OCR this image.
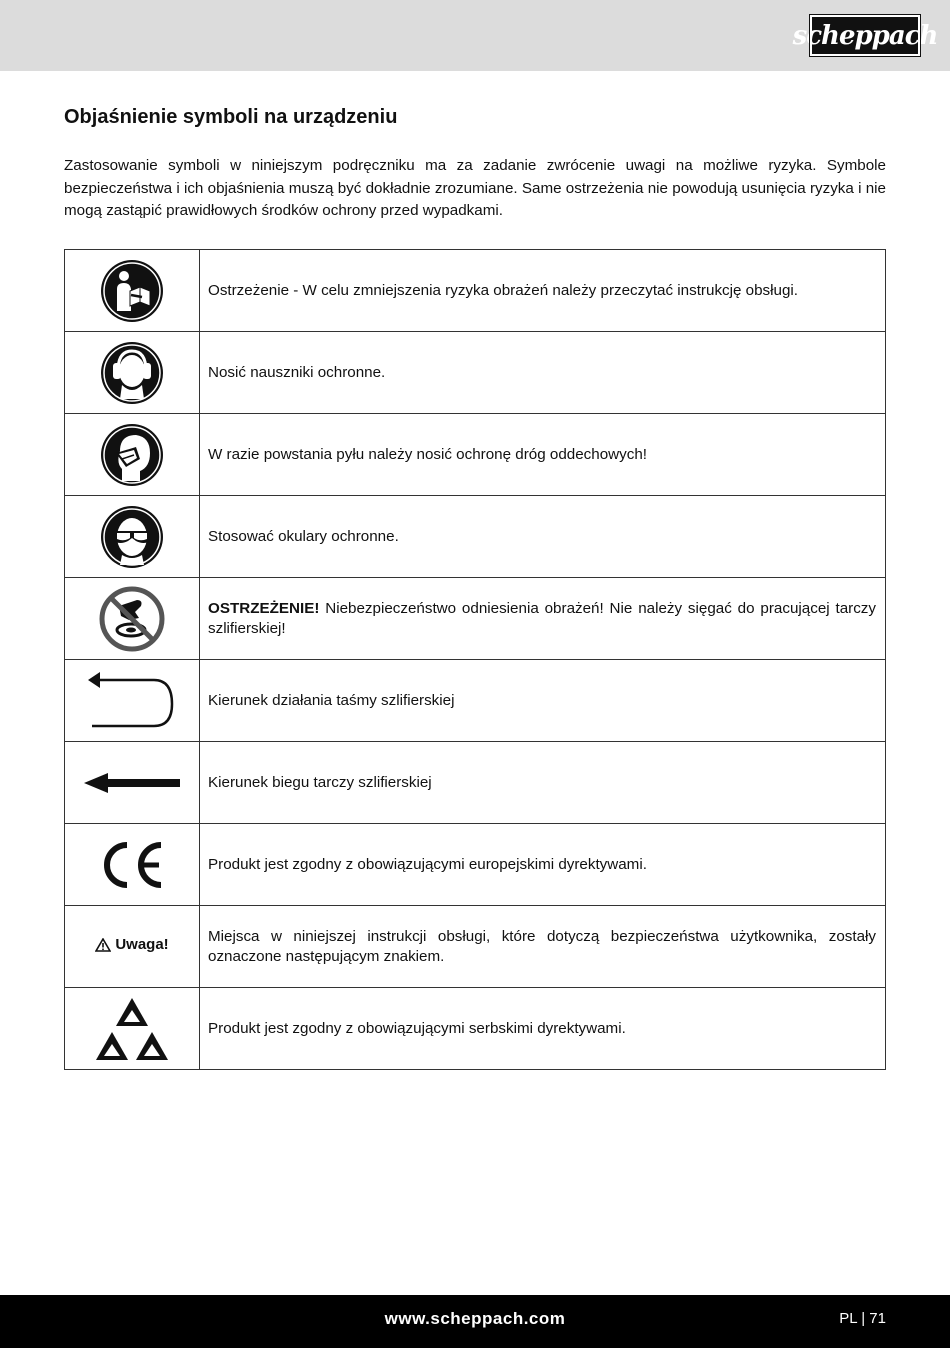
scheppach
Objaśnienie symboli na urządzeniu

Zastosowanie symboli w niniejszym podręczniku ma za zadanie zwrócenie uwagi na możliwe ryzyka. Symbole bezpieczeństwa i ich objaśnienia muszą być dokładnie zrozumiane. Same ostrzeżenia nie powodują usunięcia ryzyka i nie mogą zastąpić prawidłowych środków ochrony przed wypadkami.

	Ostrzeżenie - W celu zmniejszenia ryzyka obrażeń należy przeczytać instrukcję obsługi.

	Nosić nauszniki ochronne.

	W razie powstania pyłu należy nosić ochronę dróg oddechowych!

	Stosować okulary ochronne.

	OSTRZEŻENIE! Niebezpieczeństwo odniesienia obrażeń! Nie należy sięgać do pracującej tarczy szlifierskiej!

	Kierunek działania taśmy szlifierskiej

	Kierunek biegu tarczy szlifierskiej

	Produkt jest zgodny z obowiązującymi europejskimi dyrektywami.

Uwaga!	Miejsca w niniejszej instrukcji obsługi, które dotyczą bezpieczeństwa użytkownika, zostały oznaczone następującym znakiem.

	Produkt jest zgodny z obowiązującymi serbskimi dyrektywami.
www.scheppach.com	PL | 71
